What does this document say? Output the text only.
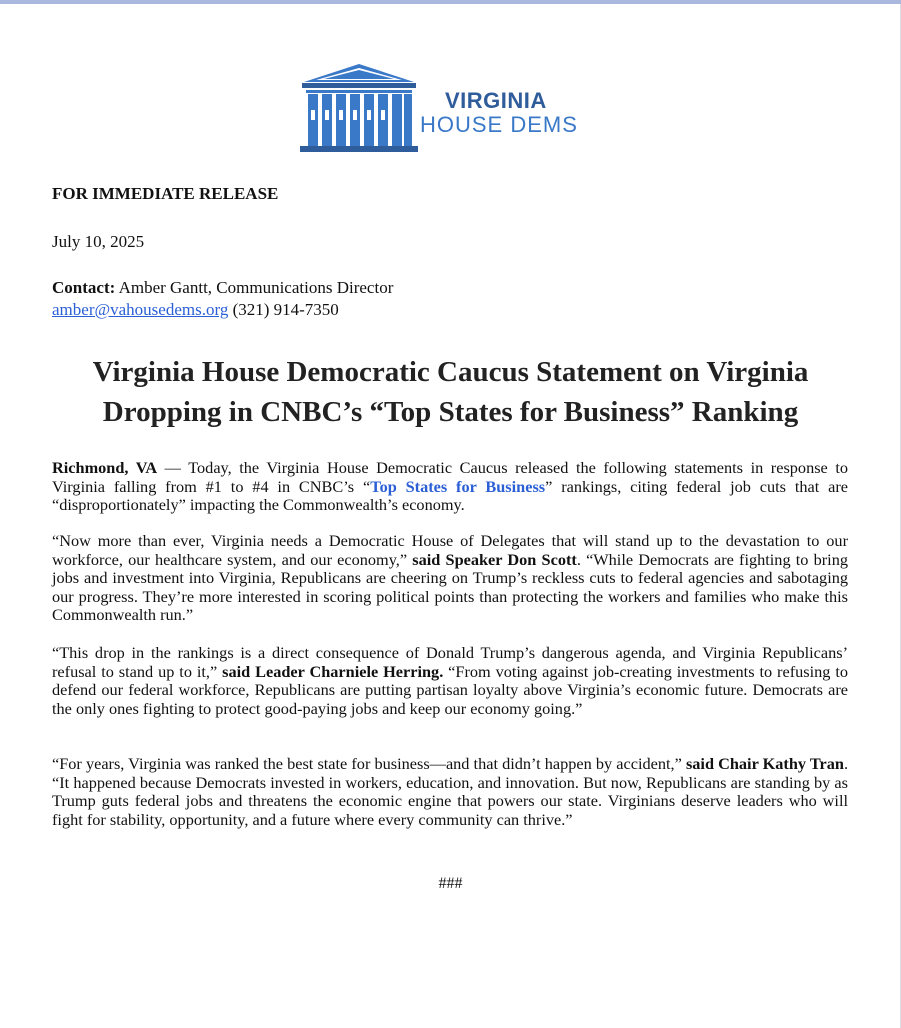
VIRGINIA
HOUSE DEMS
FOR IMMEDIATE RELEASE
July 10, 2025
Contact: Amber Gantt, Communications Director
amber@vahousedems.org (321) 914-7350
Virginia House Democratic Caucus Statement on Virginia Dropping in CNBC’s “Top States for Business” Ranking
Richmond, VA — Today, the Virginia House Democratic Caucus released the following statements in response to Virginia falling from #1 to #4 in CNBC’s “Top States for Business” rankings, citing federal job cuts that are “disproportionately” impacting the Commonwealth’s economy.
“Now more than ever, Virginia needs a Democratic House of Delegates that will stand up to the devastation to our workforce, our healthcare system, and our economy,” said Speaker Don Scott. “While Democrats are fighting to bring jobs and investment into Virginia, Republicans are cheering on Trump’s reckless cuts to federal agencies and sabotaging our progress. They’re more interested in scoring political points than protecting the workers and families who make this Commonwealth run.”
“This drop in the rankings is a direct consequence of Donald Trump’s dangerous agenda, and Virginia Republicans’ refusal to stand up to it,” said Leader Charniele Herring. “From voting against job-creating investments to refusing to defend our federal workforce, Republicans are putting partisan loyalty above Virginia’s economic future. Democrats are the only ones fighting to protect good-paying jobs and keep our economy going.”
“For years, Virginia was ranked the best state for business—and that didn’t happen by accident,” said Chair Kathy Tran. “It happened because Democrats invested in workers, education, and innovation. But now, Republicans are standing by as Trump guts federal jobs and threatens the economic engine that powers our state. Virginians deserve leaders who will fight for stability, opportunity, and a future where every community can thrive.”
###
